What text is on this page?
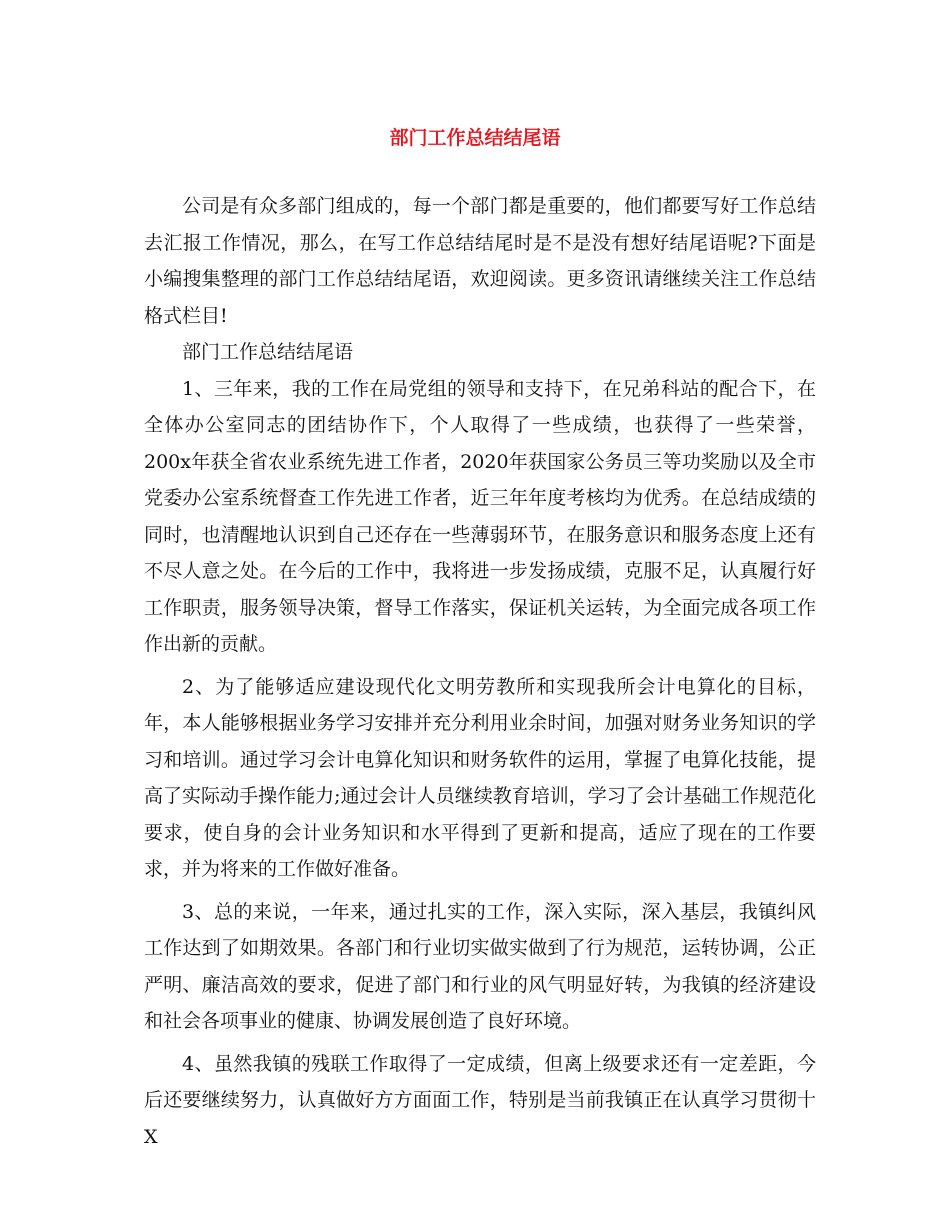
部门工作总结结尾语

公司是有众多部门组成的，每一个部门都是重要的，他们都要写好工作总结去汇报工作情况，那么，在写工作总结结尾时是不是没有想好结尾语呢?下面是小编搜集整理的部门工作总结结尾语，欢迎阅读。更多资讯请继续关注工作总结格式栏目!

部门工作总结结尾语

1、三年来，我的工作在局党组的领导和支持下，在兄弟科站的配合下，在全体办公室同志的团结协作下，个人取得了一些成绩，也获得了一些荣誉，200x年获全省农业系统先进工作者，2020年获国家公务员三等功奖励以及全市党委办公室系统督查工作先进工作者，近三年年度考核均为优秀。在总结成绩的同时，也清醒地认识到自己还存在一些薄弱环节，在服务意识和服务态度上还有不尽人意之处。在今后的工作中，我将进一步发扬成绩，克服不足，认真履行好工作职责，服务领导决策，督导工作落实，保证机关运转，为全面完成各项工作作出新的贡献。

2、为了能够适应建设现代化文明劳教所和实现我所会计电算化的目标，年，本人能够根据业务学习安排并充分利用业余时间，加强对财务业务知识的学习和培训。通过学习会计电算化知识和财务软件的运用，掌握了电算化技能，提高了实际动手操作能力;通过会计人员继续教育培训，学习了会计基础工作规范化要求，使自身的会计业务知识和水平得到了更新和提高，适应了现在的工作要求，并为将来的工作做好准备。

3、总的来说，一年来，通过扎实的工作，深入实际，深入基层，我镇纠风工作达到了如期效果。各部门和行业切实做实做到了行为规范，运转协调，公正严明、廉洁高效的要求，促进了部门和行业的风气明显好转，为我镇的经济建设和社会各项事业的健康、协调发展创造了良好环境。

4、虽然我镇的残联工作取得了一定成绩，但离上级要求还有一定差距，今后还要继续努力，认真做好方方面面工作，特别是当前我镇正在认真学习贯彻十X
